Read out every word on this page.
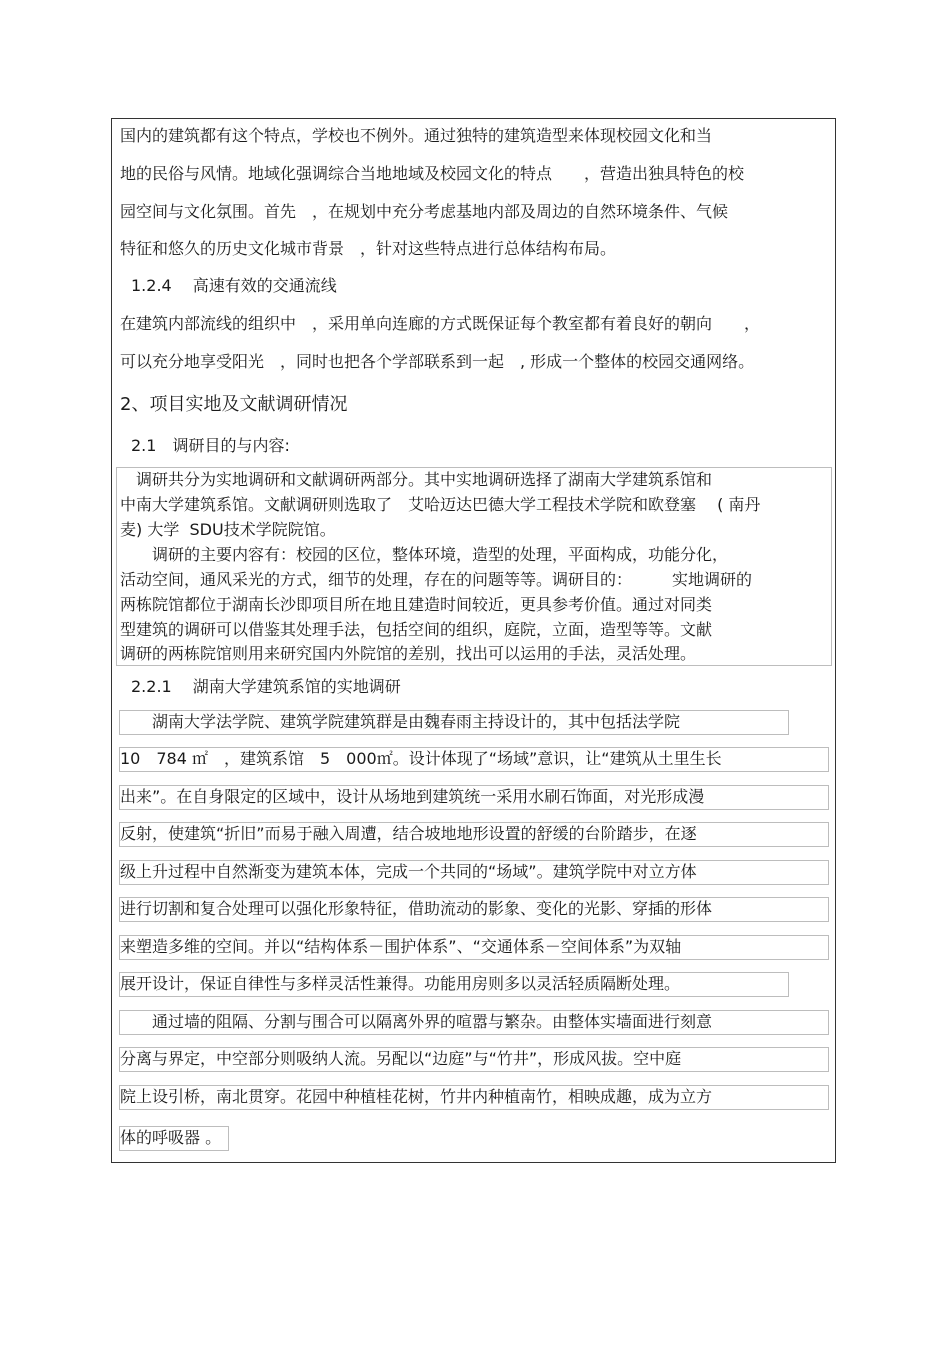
国内的建筑都有这个特点，学校也不例外。通过独特的建筑造型来体现校园文化和当
地的民俗与风情。地域化强调综合当地地域及校园文化的特点　　，营造出独具特色的校
园空间与文化氛围。首先　，在规划中充分考虑基地内部及周边的自然环境条件、气候
特征和悠久的历史文化城市背景　，针对这些特点进行总体结构布局。
1.2.4　 高速有效的交通流线
在建筑内部流线的组织中　，采用单向连廊的方式既保证每个教室都有着良好的朝向　　，
可以充分地享受阳光　，同时也把各个学部联系到一起　, 形成一个整体的校园交通网络。
2、项目实地及文献调研情况
2.1　调研目的与内容:
　调研共分为实地调研和文献调研两部分。其中实地调研选择了湖南大学建筑系馆和
中南大学建筑系馆。文献调研则选取了　艾哈迈达巴德大学工程技术学院和欧登塞　 ( 南丹
麦) 大学  SDU技术学院院馆。
　　调研的主要内容有：校园的区位，整体环境，造型的处理，平面构成，功能分化，
活动空间，通风采光的方式，细节的处理，存在的问题等等。调研目的：　　　实地调研的
两栋院馆都位于湖南长沙即项目所在地且建造时间较近，更具参考价值。通过对同类
型建筑的调研可以借鉴其处理手法，包括空间的组织，庭院，立面，造型等等。文献
调研的两栋院馆则用来研究国内外院馆的差别，找出可以运用的手法，灵活处理。
2.2.1　 湖南大学建筑系馆的实地调研
　　湖南大学法学院、建筑学院建筑群是由魏春雨主持设计的，其中包括法学院
10　784 ㎡　，建筑系馆　5　000㎡。设计体现了“场域”意识，让“建筑从土里生长
出来”。在自身限定的区域中，设计从场地到建筑统一采用水刷石饰面，对光形成漫
反射，使建筑“折旧”而易于融入周遭，结合坡地地形设置的舒缓的台阶踏步，在逐
级上升过程中自然渐变为建筑本体，完成一个共同的“场域”。建筑学院中对立方体
进行切割和复合处理可以强化形象特征，借助流动的影象、变化的光影、穿插的形体
来塑造多维的空间。并以“结构体系－围护体系”、“交通体系－空间体系”为双轴
展开设计，保证自律性与多样灵活性兼得。功能用房则多以灵活轻质隔断处理。
　　通过墙的阻隔、分割与围合可以隔离外界的喧嚣与繁杂。由整体实墙面进行刻意
分离与界定，中空部分则吸纳人流。另配以“边庭”与“竹井”，形成风拔。空中庭
院上设引桥，南北贯穿。花园中种植桂花树，竹井内种植南竹，相映成趣，成为立方
体的呼吸器 。
